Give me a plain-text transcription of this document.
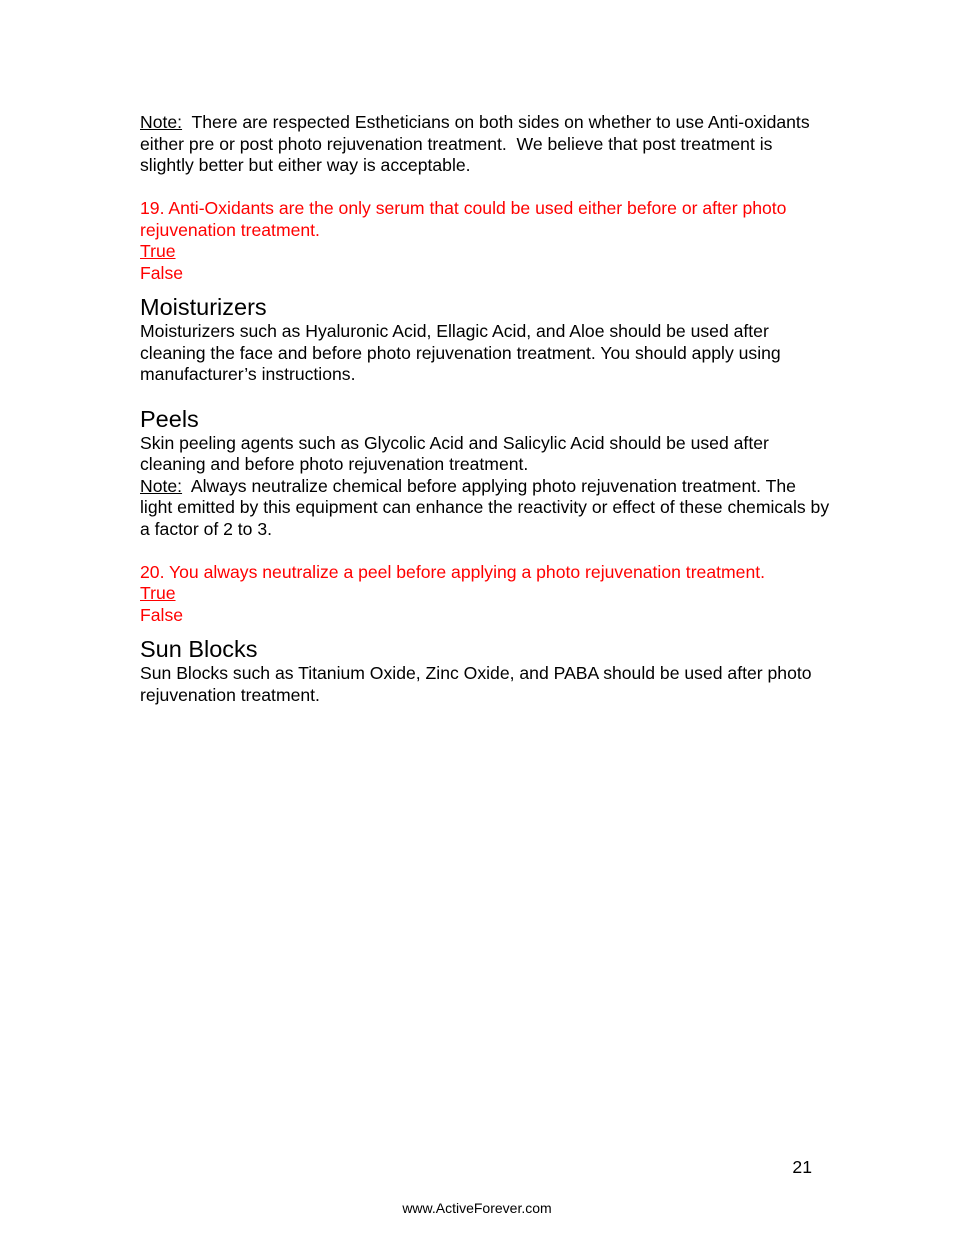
Note:  There are respected Estheticians on both sides on whether to use Anti-oxidants either pre or post photo rejuvenation treatment.  We believe that post treatment is slightly better but either way is acceptable.

19. Anti-Oxidants are the only serum that could be used either before or after photo rejuvenation treatment.

True
False
Moisturizers

Moisturizers such as Hyaluronic Acid, Ellagic Acid, and Aloe should be used after cleaning the face and before photo rejuvenation treatment. You should apply using manufacturer’s instructions.

Peels

Skin peeling agents such as Glycolic Acid and Salicylic Acid should be used after cleaning and before photo rejuvenation treatment.

Note:  Always neutralize chemical before applying photo rejuvenation treatment. The light emitted by this equipment can enhance the reactivity or effect of these chemicals by a factor of 2 to 3.

20. You always neutralize a peel before applying a photo rejuvenation treatment.

True
False
Sun Blocks

Sun Blocks such as Titanium Oxide, Zinc Oxide, and PABA should be used after photo rejuvenation treatment.

21
www.ActiveForever.com
